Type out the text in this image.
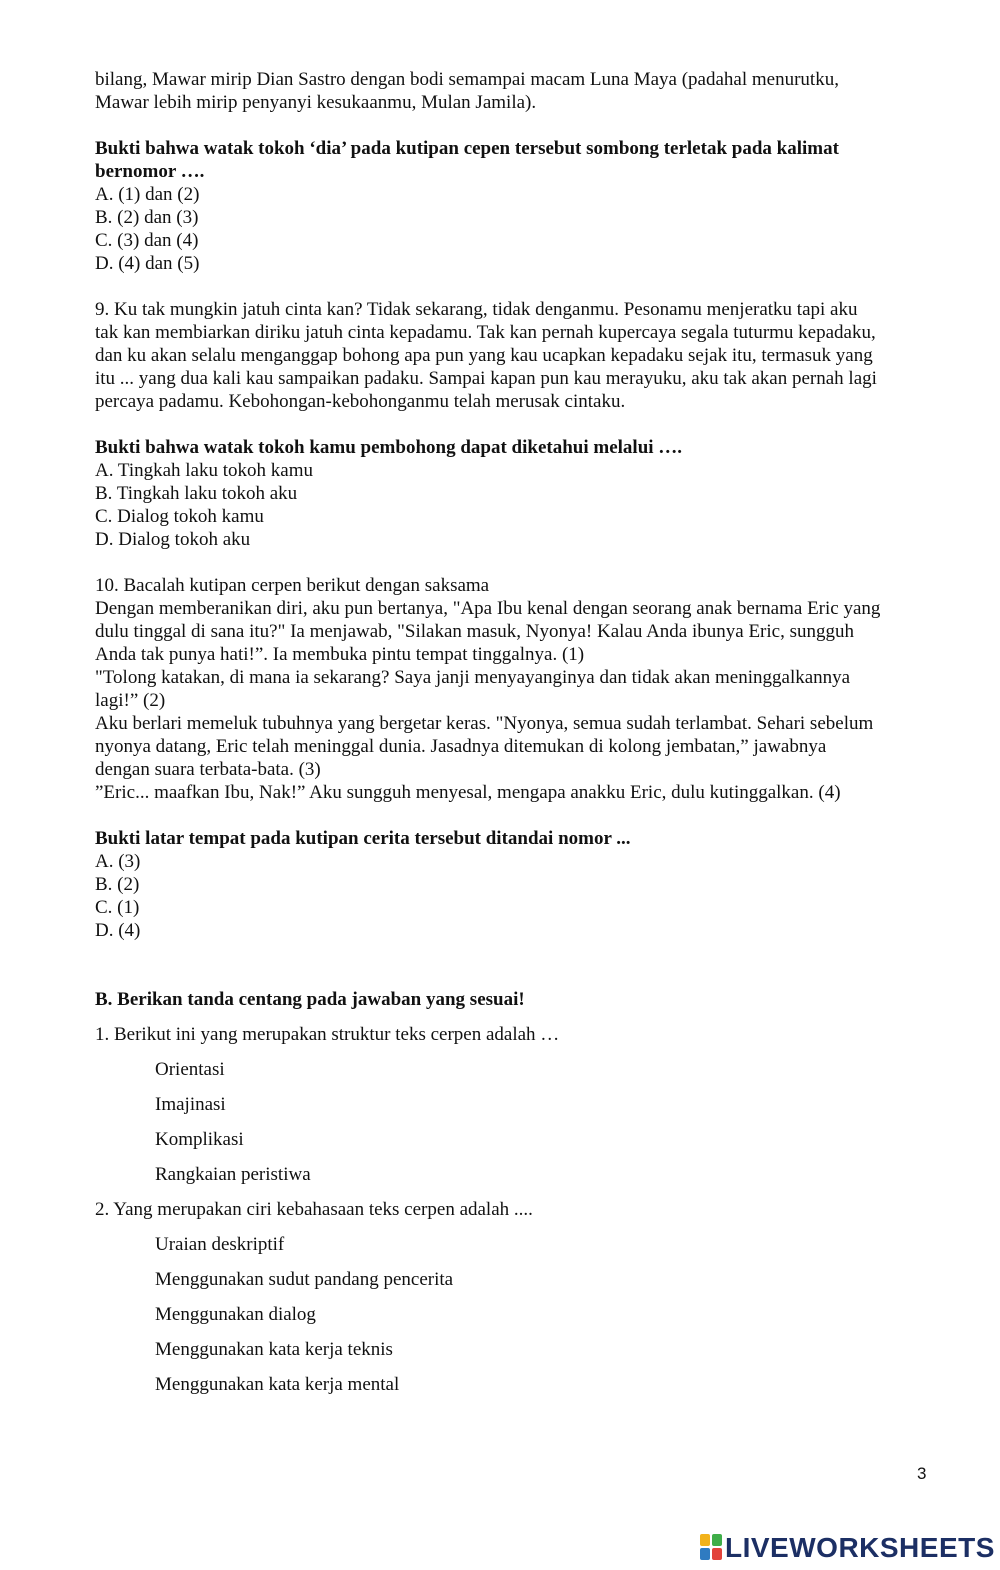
bilang, Mawar mirip Dian Sastro dengan bodi semampai macam Luna Maya (padahal menurutku,

Mawar lebih mirip penyanyi kesukaanmu, Mulan Jamila).

Bukti bahwa watak tokoh ‘dia’ pada kutipan cepen tersebut sombong terletak pada kalimat

bernomor ….

A. (1) dan (2)

B. (2) dan (3)

C. (3) dan (4)

D. (4) dan (5)

9. Ku tak mungkin jatuh cinta kan? Tidak sekarang, tidak denganmu. Pesonamu menjeratku tapi aku

tak kan membiarkan diriku jatuh cinta kepadamu. Tak kan pernah kupercaya segala tuturmu kepadaku,

dan ku akan selalu menganggap bohong apa pun yang kau ucapkan kepadaku sejak itu, termasuk yang

itu ... yang dua kali kau sampaikan padaku. Sampai kapan pun kau merayuku, aku tak akan pernah lagi

percaya padamu. Kebohongan-kebohonganmu telah merusak cintaku.

Bukti bahwa watak tokoh kamu pembohong dapat diketahui melalui ….

A. Tingkah laku tokoh kamu

B. Tingkah laku tokoh aku

C. Dialog tokoh kamu

D. Dialog tokoh aku

10. Bacalah kutipan cerpen berikut dengan saksama

Dengan memberanikan diri, aku pun bertanya, "Apa Ibu kenal dengan seorang anak bernama Eric yang

dulu tinggal di sana itu?" Ia menjawab, "Silakan masuk, Nyonya! Kalau Anda ibunya Eric, sungguh

Anda tak punya hati!”. Ia membuka pintu tempat tinggalnya. (1)

"Tolong katakan, di mana ia sekarang? Saya janji menyayanginya dan tidak akan meninggalkannya

lagi!” (2)

Aku berlari memeluk tubuhnya yang bergetar keras. "Nyonya, semua sudah terlambat. Sehari sebelum

nyonya datang, Eric telah meninggal dunia. Jasadnya ditemukan di kolong jembatan,” jawabnya

dengan suara terbata-bata. (3)

”Eric... maafkan Ibu, Nak!” Aku sungguh menyesal, mengapa anakku Eric, dulu kutinggalkan. (4)

Bukti latar tempat pada kutipan cerita tersebut ditandai nomor ...

A. (3)

B. (2)

C. (1)

D. (4)

B. Berikan tanda centang pada jawaban yang sesuai!

1. Berikut ini yang merupakan struktur teks cerpen adalah …

Orientasi

Imajinasi

Komplikasi

Rangkaian peristiwa

2. Yang merupakan ciri kebahasaan teks cerpen adalah ....

Uraian deskriptif

Menggunakan sudut pandang pencerita

Menggunakan dialog

Menggunakan kata kerja teknis

Menggunakan kata kerja mental

3
LIVEWORKSHEETS
